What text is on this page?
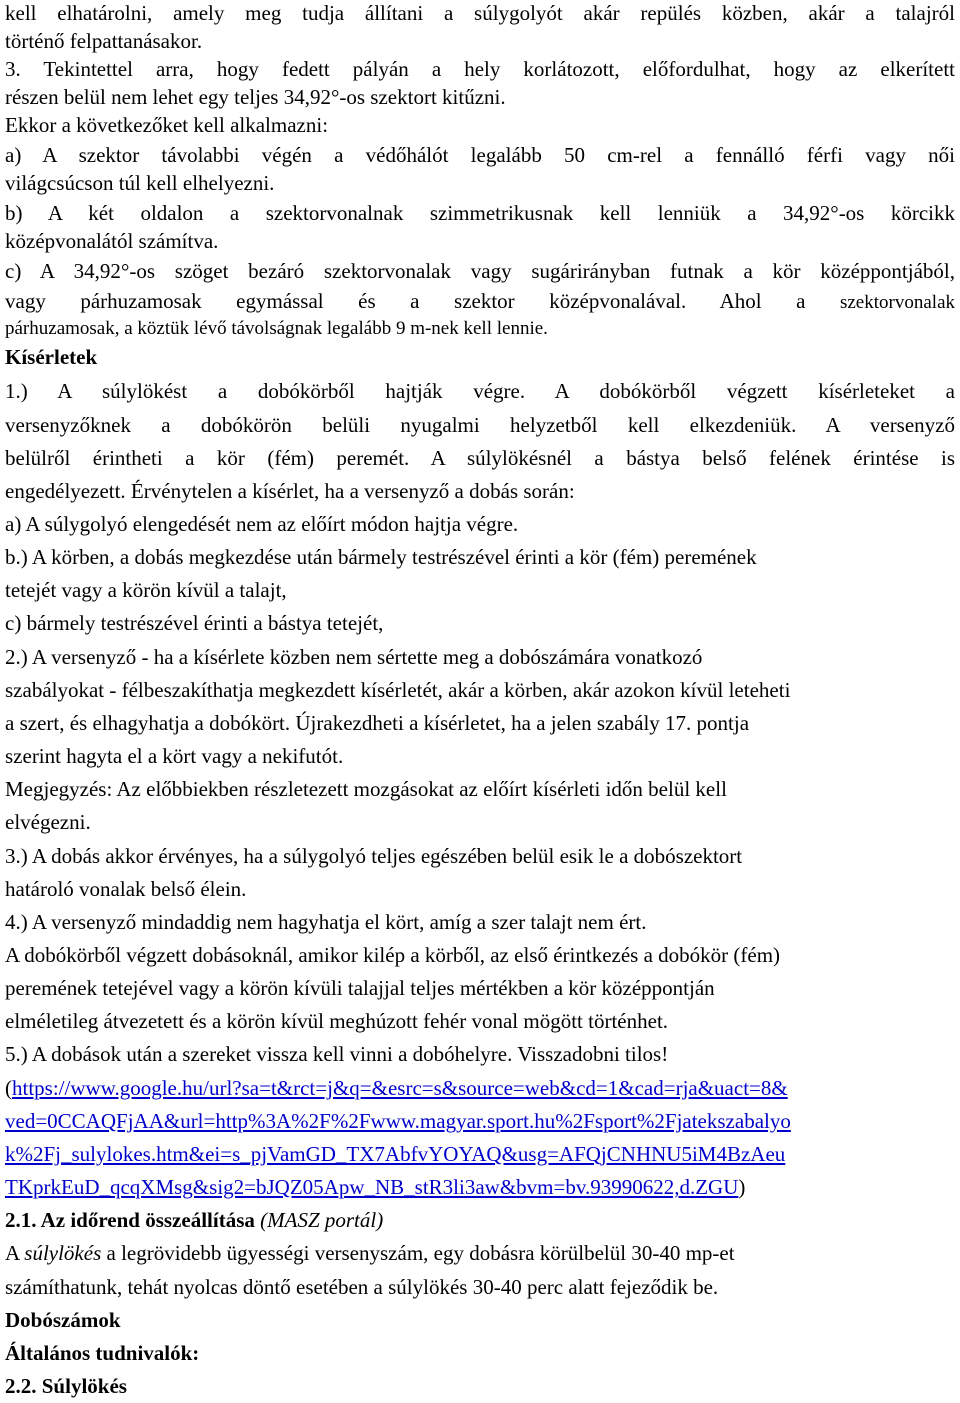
kell elhatárolni, amely meg tudja állítani a súlygolyót akár repülés közben, akár a talajról
történő felpattanásakor.
3. Tekintettel arra, hogy fedett pályán a hely korlátozott, előfordulhat, hogy az elkerített
részen belül nem lehet egy teljes 34,92°-os szektort kitűzni.
Ekkor a következőket kell alkalmazni:
a) A szektor távolabbi végén a védőhálót legalább 50 cm-rel a fennálló férfi vagy női
világcsúcson túl kell elhelyezni.
b) A két oldalon a szektorvonalnak szimmetrikusnak kell lenniük a 34,92°-os körcikk
középvonalától számítva.
c) A 34,92°-os szöget bezáró szektorvonalak vagy sugárirányban futnak a kör középpontjából,
vagy párhuzamosak egymással és a szektor középvonalával. Ahol a szektorvonalak
párhuzamosak, a köztük lévő távolságnak legalább 9 m-nek kell lennie.
Kísérletek
1.) A súlylökést a dobókörből hajtják végre. A dobókörből végzett kísérleteket a
versenyzőknek a dobókörön belüli nyugalmi helyzetből kell elkezdeniük. A versenyző
belülről érintheti a kör (fém) peremét. A súlylökésnél a bástya belső felének érintése is
engedélyezett. Érvénytelen a kísérlet, ha a versenyző a dobás során:
a) A súlygolyó elengedését nem az előírt módon hajtja végre.
b.) A körben, a dobás megkezdése után bármely testrészével érinti a kör (fém) peremének
tetejét vagy a körön kívül a talajt,
c) bármely testrészével érinti a bástya tetejét,
2.) A versenyző - ha a kísérlete közben nem sértette meg a dobószámára vonatkozó
szabályokat - félbeszakíthatja megkezdett kísérletét, akár a körben, akár azokon kívül leteheti
a szert, és elhagyhatja a dobókört. Újrakezdheti a kísérletet, ha a jelen szabály 17. pontja
szerint hagyta el a kört vagy a nekifutót.
Megjegyzés: Az előbbiekben részletezett mozgásokat az előírt kísérleti időn belül kell
elvégezni.
3.) A dobás akkor érvényes, ha a súlygolyó teljes egészében belül esik le a dobószektort
határoló vonalak belső élein.
4.) A versenyző mindaddig nem hagyhatja el kört, amíg a szer talajt nem ért.
A dobókörből végzett dobásoknál, amikor kilép a körből, az első érintkezés a dobókör (fém)
peremének tetejével vagy a körön kívüli talajjal teljes mértékben a kör középpontján
elméletileg átvezetett és a körön kívül meghúzott fehér vonal mögött történhet.
5.) A dobások után a szereket vissza kell vinni a dobóhelyre. Visszadobni tilos!
(https://www.google.hu/url?sa=t&rct=j&q=&esrc=s&source=web&cd=1&cad=rja&uact=8&
ved=0CCAQFjAA&url=http%3A%2F%2Fwww.magyar.sport.hu%2Fsport%2Fjatekszabalyo
k%2Fj_sulylokes.htm&ei=s_pjVamGD_TX7AbfvYOYAQ&usg=AFQjCNHNU5iM4BzAeu
TKprkEuD_qcqXMsg&sig2=bJQZ05Apw_NB_stR3li3aw&bvm=bv.93990622,d.ZGU)
2.1. Az időrend összeállítása (MASZ portál)
A súlylökés a legrövidebb ügyességi versenyszám, egy dobásra körülbelül 30-40 mp-et
számíthatunk, tehát nyolcas döntő esetében a súlylökés 30-40 perc alatt fejeződik be.
Dobószámok
Általános tudnivalók:
2.2. Súlylökés
